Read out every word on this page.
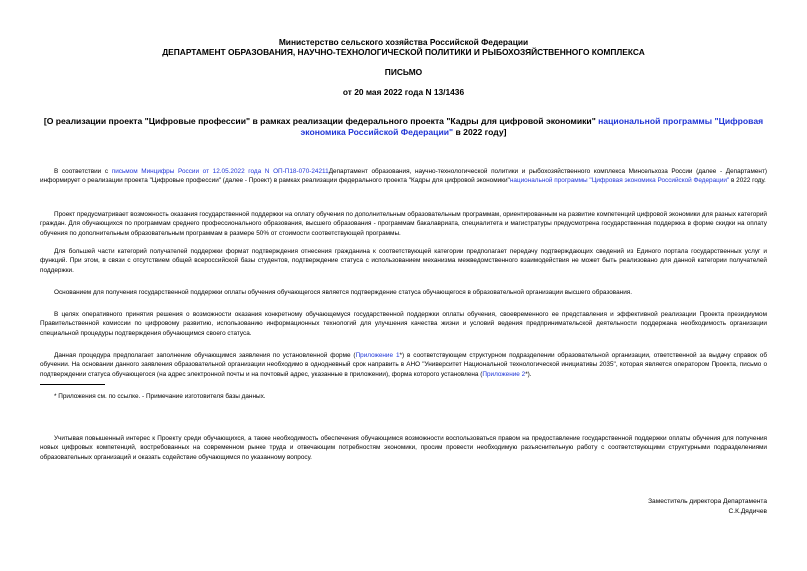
Министерство сельского хозяйства Российской Федерации
ДЕПАРТАМЕНТ ОБРАЗОВАНИЯ, НАУЧНО-ТЕХНОЛОГИЧЕСКОЙ ПОЛИТИКИ И РЫБОХОЗЯЙСТВЕННОГО КОМПЛЕКСА
ПИСЬМО
от 20 мая 2022 года N 13/1436
[О реализации проекта "Цифровые профессии" в рамках реализации федерального проекта "Кадры для цифровой экономики" национальной программы "Цифровая экономика Российской Федерации" в 2022 году]

В соответствии с письмом Минцифры России от 12.05.2022 года N ОП-П18-070-24211Департамент образования, научно-технологической политики и рыбохозяйственного комплекса Минсельхоза России (далее - Департамент) информирует о реализации проекта "Цифровые профессии" (далее - Проект) в рамках реализации федерального проекта "Кадры для цифровой экономики"национальной программы "Цифровая экономика Российской Федерации" в 2022 году.

Проект предусматривает возможность оказания государственной поддержки на оплату обучения по дополнительным образовательным программам, ориентированным на развитие компетенций цифровой экономики для разных категорий граждан. Для обучающихся по программам среднего профессионального образования, высшего образования - программам бакалавриата, специалитета и магистратуры предусмотрена государственная поддержка в форме скидки на оплату обучения по дополнительным образовательным программам в размере 50% от стоимости соответствующей программы.

Для большей части категорий получателей поддержки формат подтверждения отнесения гражданина к соответствующей категории предполагает передачу подтверждающих сведений из Единого портала государственных услуг и функций. При этом, в связи с отсутствием общей всероссийской базы студентов, подтверждение статуса с использованием механизма межведомственного взаимодействия не может быть реализовано для данной категории получателей поддержки.

Основанием для получения государственной поддержки оплаты обучения обучающегося является подтверждение статуса обучающегося в образовательной организации высшего образования.

В целях оперативного принятия решения о возможности оказания конкретному обучающемуся государственной поддержки оплаты обучения, своевременного ее представления и эффективной реализации Проекта президиумом Правительственной комиссии по цифровому развитию, использованию информационных технологий для улучшения качества жизни и условий ведения предпринимательской деятельности поддержана необходимость организации специальной процедуры подтверждения обучающимся своего статуса.

Данная процедура предполагает заполнение обучающимся заявления по установленной форме (Приложение 1*) в соответствующем структурном подразделении образовательной организации, ответственной за выдачу справок об обучении. На основании данного заявления образовательной организации необходимо в однодневный срок направить в АНО "Университет Национальной технологической инициативы 2035", которая является оператором Проекта, письмо о подтверждении статуса обучающегося (на адрес электронной почты и на почтовый адрес, указанные в приложении), форма которого установлена (Приложение 2*).

* Приложения см. по ссылке. - Примечание изготовителя базы данных.

Учитывая повышенный интерес к Проекту среди обучающихся, а также необходимость обеспечения обучающимся возможности воспользоваться правом на предоставление государственной поддержки оплаты обучения для получения новых цифровых компетенций, востребованных на современном рынке труда и отвечающим потребностям экономики, просим провести необходимую разъяснительную работу с соответствующими структурными подразделениями образовательных организаций и оказать содействие обучающимся по указанному вопросу.

Заместитель директора Департамента
С.К.Дядичев
